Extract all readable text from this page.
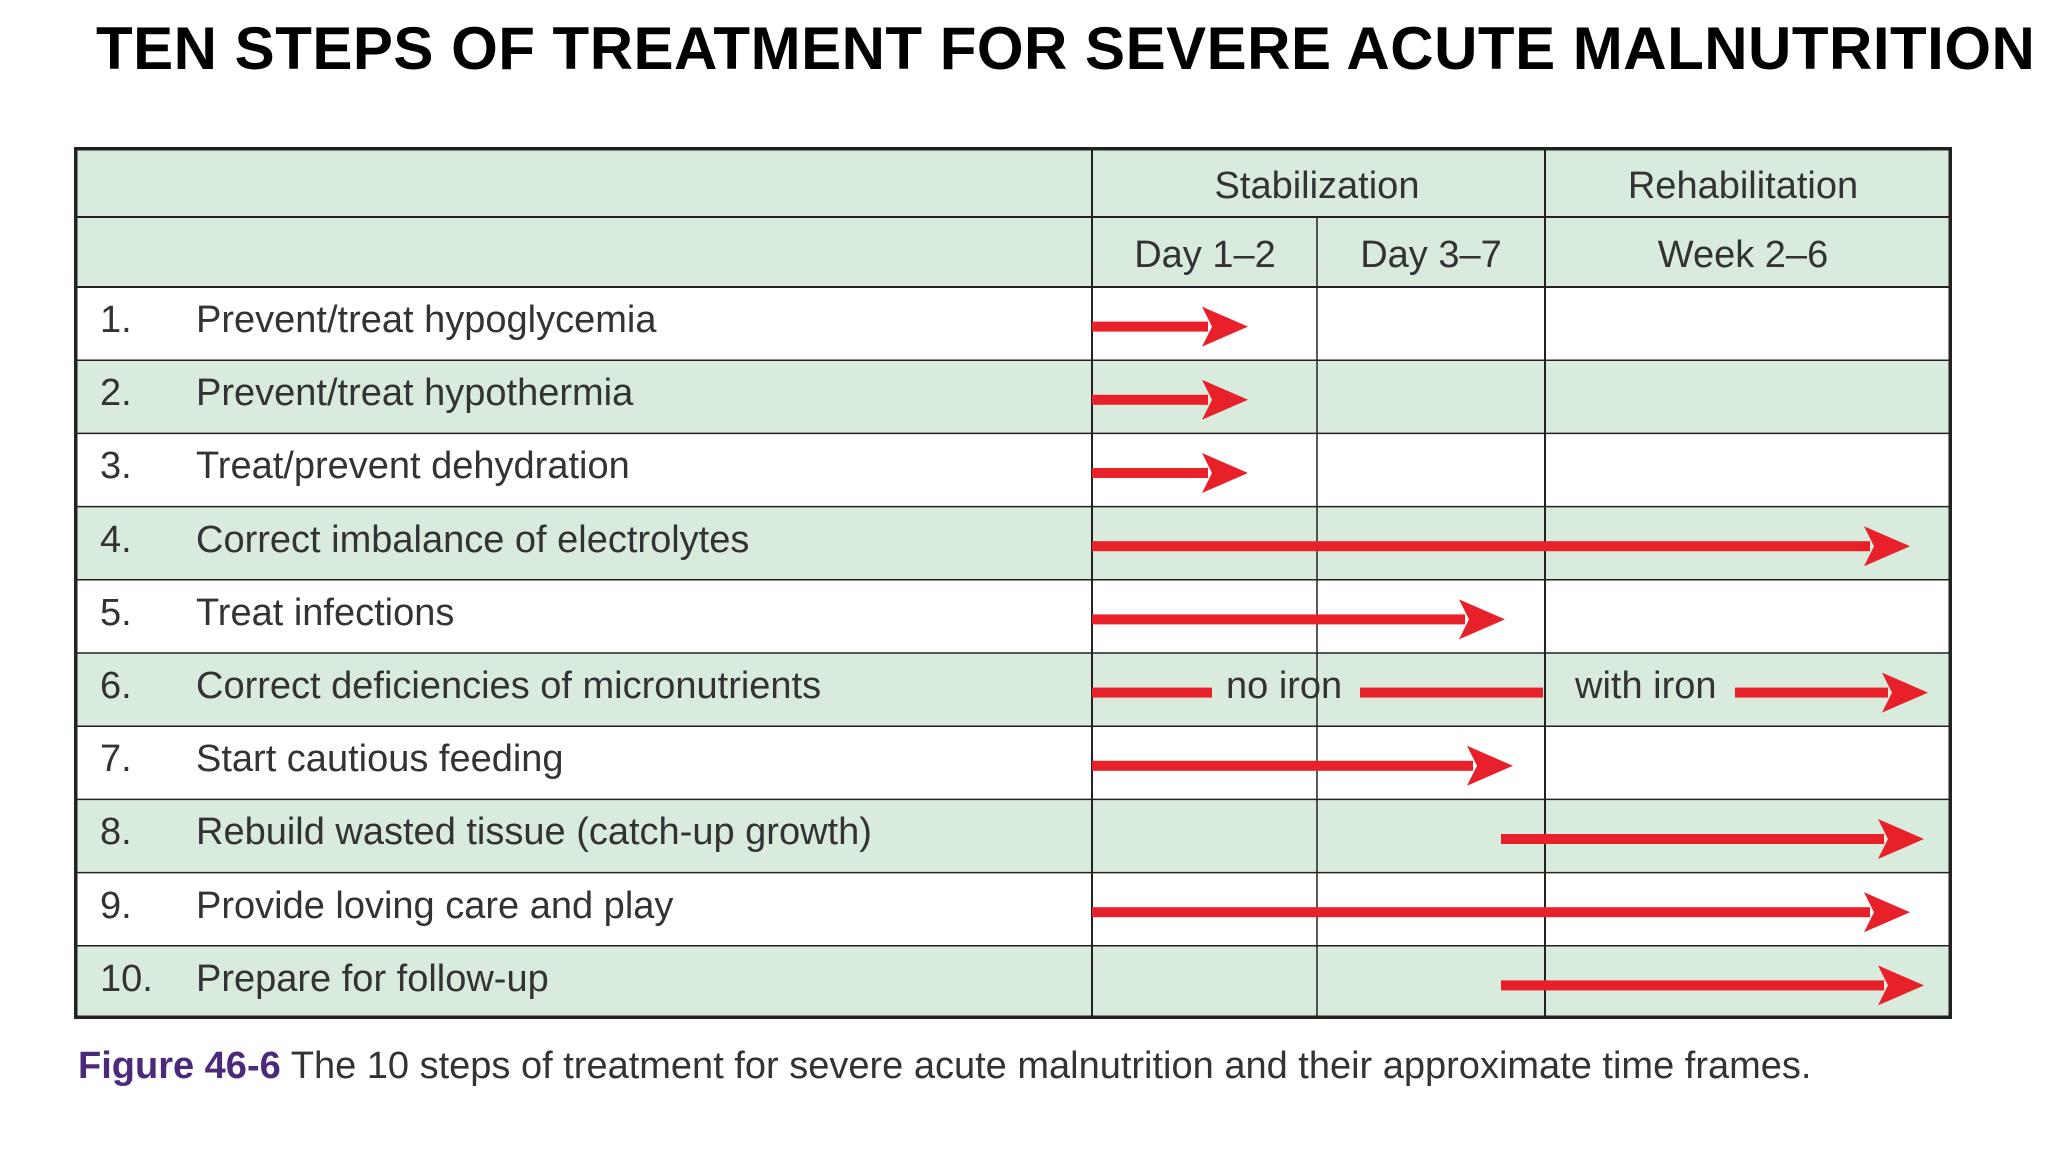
TEN STEPS OF TREATMENT FOR SEVERE ACUTE MALNUTRITION
Stabilization	Rehabilitation
Day 1–2 Day 3–7	Week 2–6
1. Prevent/treat hypoglycemia
2. Prevent/treat hypothermia
3. Treat/prevent dehydration
4. Correct imbalance of electrolytes
5. Treat infections
6. Correct deficiencies of micronutrients	no iron	with iron
7. Start cautious feeding
8. Rebuild wasted tissue (catch-up growth)
9. Provide loving care and play
10. Prepare for follow-up
Figure 46-6 The 10 steps of treatment for severe acute malnutrition and their approximate time frames.
